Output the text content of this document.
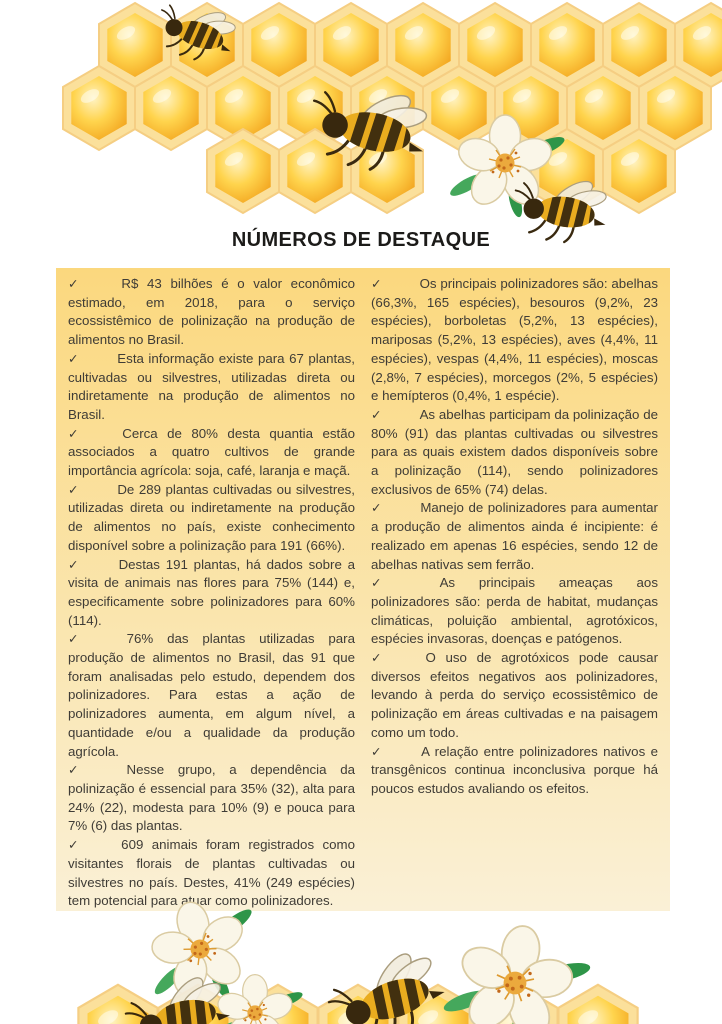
NÚMEROS DE DESTAQUE

✓	R$ 43 bilhões é o valor econômico estimado, em 2018, para o serviço ecossistêmico de polinização na produção de alimentos no Brasil.

✓	Esta informação existe para 67 plantas, cultivadas ou silvestres, utilizadas direta ou indiretamente na produção de alimentos no Brasil.

✓	Cerca de 80% desta quantia estão associados a quatro cultivos de grande importância agrícola: soja, café, laranja e maçã.

✓	De 289 plantas cultivadas ou silvestres, utilizadas direta ou indiretamente na produção de alimentos no país, existe conhecimento disponível sobre a polinização para 191 (66%).

✓	Destas 191 plantas, há dados sobre a visita de animais nas flores para 75% (144) e, especificamente sobre polinizadores para 60% (114).

✓	76% das plantas utilizadas para produção de alimentos no Brasil, das 91 que foram analisadas pelo estudo, dependem dos polinizadores. Para estas a ação de polinizadores aumenta, em algum nível, a quantidade e/ou a qualidade da produção agrícola.

✓	Nesse grupo, a dependência da polinização é essencial para 35% (32), alta para 24% (22), modesta para 10% (9) e pouca para 7% (6) das plantas.

✓	609 animais foram registrados como visitantes florais de plantas cultivadas ou silvestres no país. Destes, 41% (249 espécies) tem potencial para atuar como polinizadores.

✓	Os principais polinizadores são: abelhas (66,3%, 165 espécies), besouros (9,2%, 23 espécies), borboletas (5,2%, 13 espécies), mariposas (5,2%, 13 espécies), aves (4,4%, 11 espécies), vespas (4,4%, 11 espécies), moscas (2,8%, 7 espécies), morcegos (2%, 5 espécies) e hemípteros (0,4%, 1 espécie).

✓	As abelhas participam da polinização de 80% (91) das plantas cultivadas ou silvestres para as quais existem dados disponíveis sobre a polinização (114), sendo polinizadores exclusivos de 65% (74) delas.

✓	Manejo de polinizadores para aumentar a produção de alimentos ainda é incipiente: é realizado em apenas 16 espécies, sendo 12 de abelhas nativas sem ferrão.

✓	As principais ameaças aos polinizadores são: perda de habitat, mudanças climáticas, poluição ambiental, agrotóxicos, espécies invasoras, doenças e patógenos.

✓	O uso de agrotóxicos pode causar diversos efeitos negativos aos polinizadores, levando à perda do serviço ecossistêmico de polinização em áreas cultivadas e na paisagem como um todo.

✓	A relação entre polinizadores nativos e transgênicos continua inconclusiva porque há poucos estudos avaliando os efeitos.
